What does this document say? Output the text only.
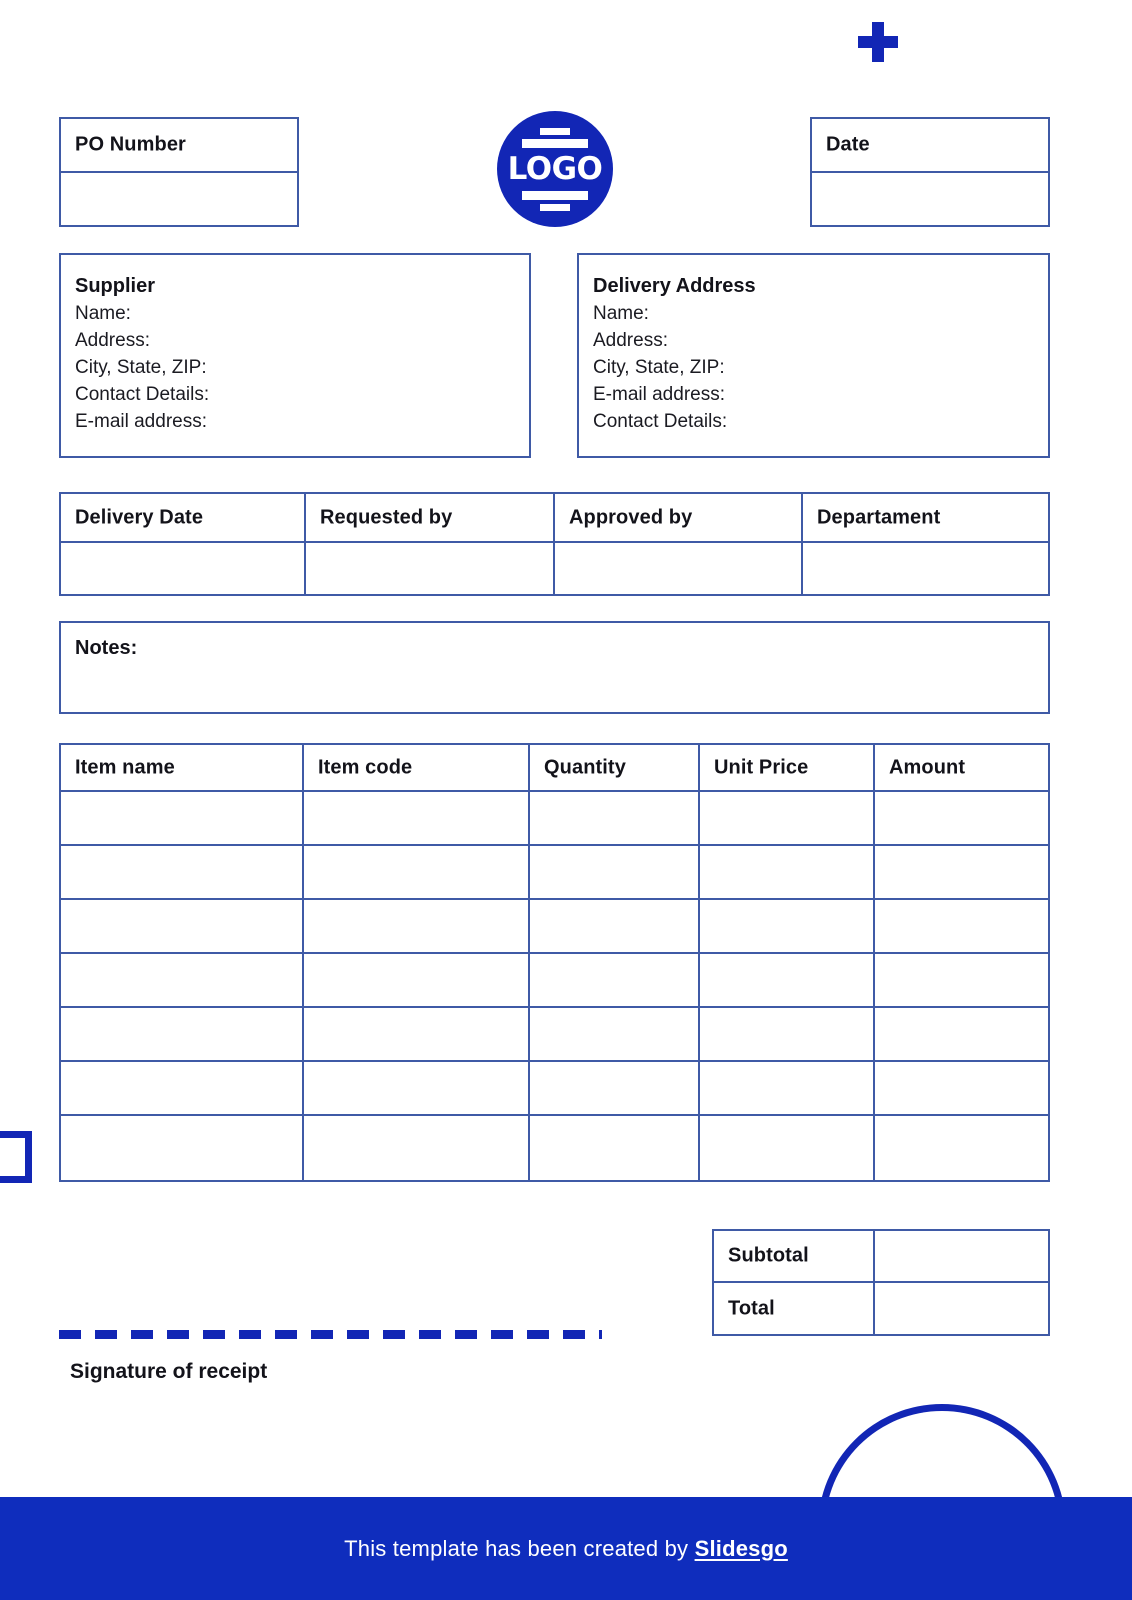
PO Number
LOGO
Date
Supplier
Name:
Address:
City, State, ZIP:
Contact Details:
E-mail address:
Delivery Address
Name:
Address:
City, State, ZIP:
E-mail address:
Contact Details:
Delivery Date	Requested by	Approved by	Departament
Notes:
Item name	Item code	Quantity	Unit Price	Amount
Subtotal
Total
Signature of receipt
This template has been created by Slidesgo
